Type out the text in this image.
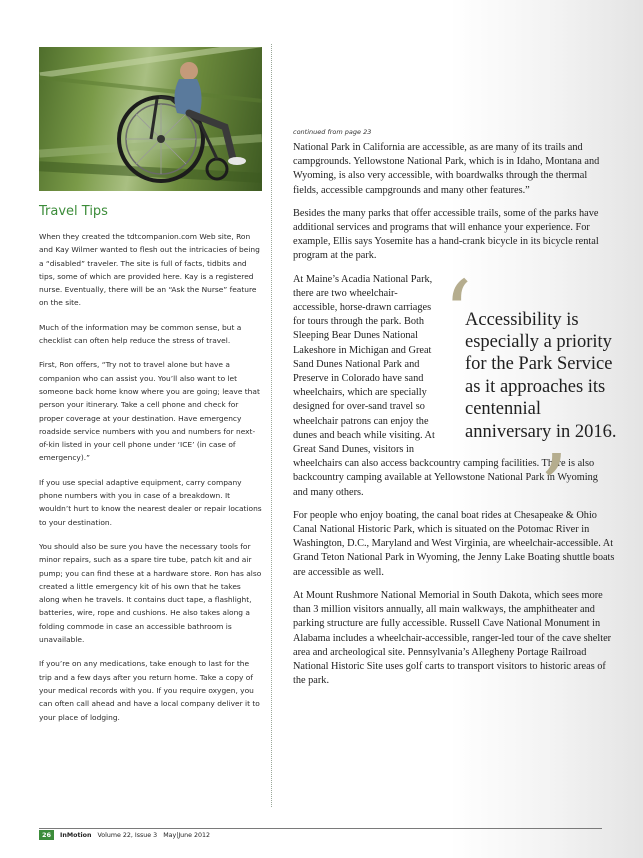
Travel Tips

When they created the tdtcompanion.com Web site, Ron and Kay Wilmer wanted to flesh out the intricacies of being a “disabled” traveler. The site is full of facts, tidbits and tips, some of which are provided here. Kay is a registered nurse. Eventually, there will be an “Ask the Nurse” feature on the site.

Much of the information may be common sense, but a checklist can often help reduce the stress of travel.

First, Ron offers, “Try not to travel alone but have a companion who can assist you. You’ll also want to let someone back home know where you are going; leave that person your itinerary. Take a cell phone and check for proper coverage at your destination. Have emergency roadside service numbers with you and numbers for next-of-kin listed in your cell phone under ‘ICE’ (in case of emergency).”

If you use special adaptive equipment, carry company phone numbers with you in case of a breakdown. It wouldn’t hurt to know the nearest dealer or repair locations to your destination.

You should also be sure you have the necessary tools for minor repairs, such as a spare tire tube, patch kit and air pump; you can find these at a hardware store. Ron has also created a little emergency kit of his own that he takes along when he travels. It contains duct tape, a flashlight, batteries, wire, rope and cushions. He also takes along a folding commode in case an accessible bathroom is unavailable.

If you’re on any medications, take enough to last for the trip and a few days after you return home. Take a copy of your medical records with you. If you require oxygen, you can often call ahead and have a local company deliver it to your place of lodging.

continued from page 23

National Park in California are accessible, as are many of its trails and campgrounds. Yellowstone National Park, which is in Idaho, Montana and Wyoming, is also very accessible, with boardwalks through the thermal fields, accessible campgrounds and many other features.”

Besides the many parks that offer accessible trails, some of the parks have additional services and programs that will enhance your experience. For example, Ellis says Yosemite has a hand-crank bicycle in its bicycle rental program at the park.

At Maine’s Acadia National Park, there are two wheelchair-accessible, horse-drawn carriages for tours through the park. Both Sleeping Bear Dunes National Lakeshore in Michigan and Great Sand Dunes National Park and Preserve in Colorado have sand wheelchairs, which are specially designed for over-sand travel so wheelchair patrons can enjoy the dunes and beach while visiting. At Great Sand Dunes, visitors in

‘
Accessibility is especially a priority for the Park Service as it approaches its centennial anniversary in 2016.
’

wheelchairs can also access backcountry camping facilities. There is also backcountry camping available at Yellowstone National Park in Wyoming and many others.

For people who enjoy boating, the canal boat rides at Chesapeake & Ohio Canal National Historic Park, which is situated on the Potomac River in Washington, D.C., Maryland and West Virginia, are wheelchair-accessible. At Grand Teton National Park in Wyoming, the Jenny Lake Boating shuttle boats are accessible as well.

At Mount Rushmore National Memorial in South Dakota, which sees more than 3 million visitors annually, all main walkways, the amphitheater and parking structure are fully accessible. Russell Cave National Monument in Alabama includes a wheelchair-accessible, ranger-led tour of the cave shelter area and archeological site. Pennsylvania’s Allegheny Portage Railroad National Historic Site uses golf carts to transport visitors to historic areas of the park.

26	InMotion Volume 22, Issue 3 May|June 2012
